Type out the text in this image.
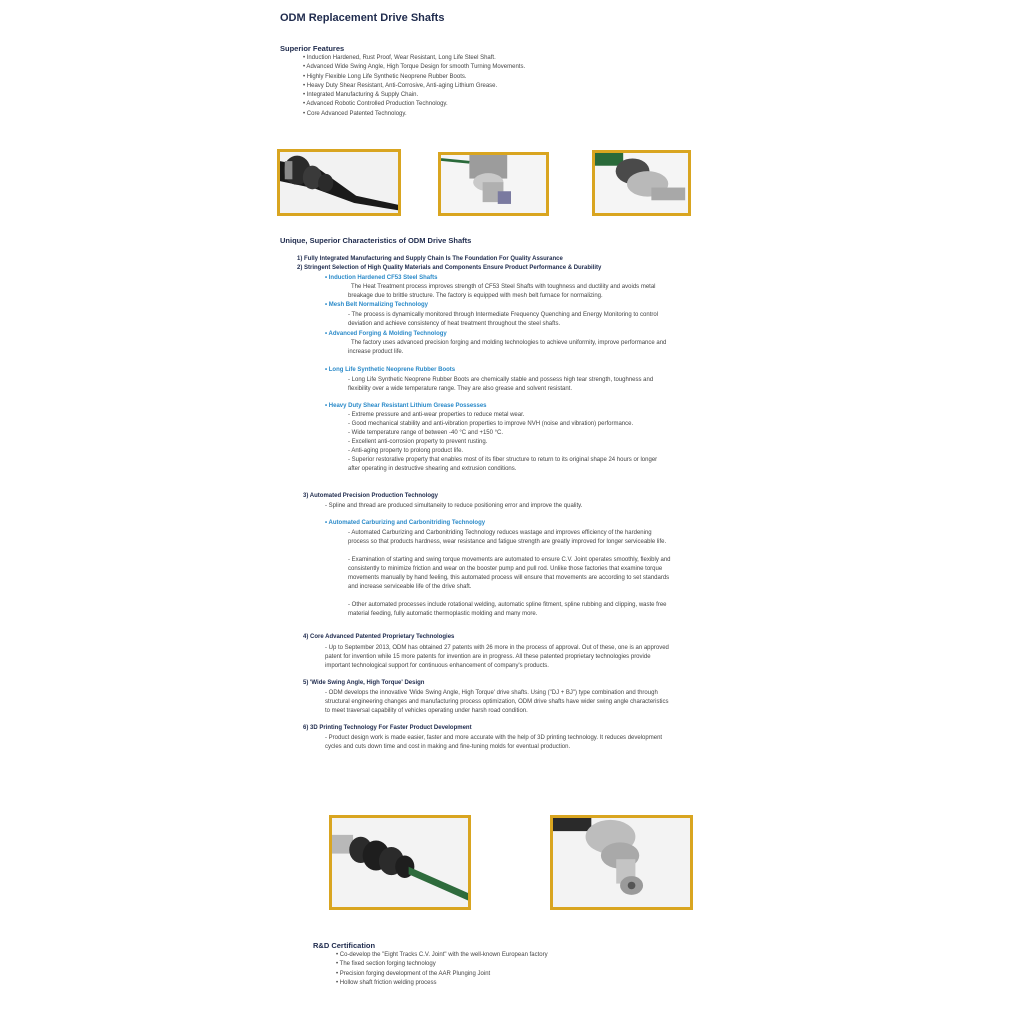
ODM Replacement Drive Shafts
Superior Features
• Induction Hardened, Rust Proof, Wear Resistant, Long Life Steel Shaft.
• Advanced Wide Swing Angle, High Torque Design for smooth Turning Movements.
• Highly Flexible Long Life Synthetic Neoprene Rubber Boots.
• Heavy Duty Shear Resistant, Anti-Corrosive, Anti-aging Lithium Grease.
• Integrated Manufacturing & Supply Chain.
• Advanced Robotic Controlled Production Technology.
• Core Advanced Patented Technology.
Unique, Superior Characteristics of ODM Drive Shafts
1) Fully Integrated Manufacturing and Supply Chain Is The Foundation For Quality Assurance
2) Stringent Selection of High Quality Materials and Components Ensure Product Performance & Durability
• Induction Hardened CF53 Steel Shafts
The Heat Treatment process improves strength of CF53 Steel Shafts with toughness and ductility and avoids metal
breakage due to brittle structure. The factory is equipped with mesh belt furnace for normalizing.
• Mesh Belt Normalizing Technology
- The process is dynamically monitored through Intermediate Frequency Quenching and Energy Monitoring to control
deviation and achieve consistency of heat treatment throughout the steel shafts.
• Advanced Forging & Molding Technology
The factory uses advanced precision forging and molding technologies to achieve uniformity, improve performance and
increase product life.
• Long Life Synthetic Neoprene Rubber Boots
- Long Life Synthetic Neoprene Rubber Boots are chemically stable and possess high tear strength, toughness and
flexibility over a wide temperature range. They are also grease and solvent resistant.
• Heavy Duty Shear Resistant Lithium Grease Possesses
- Extreme pressure and anti-wear properties to reduce metal wear.
- Good mechanical stability and anti-vibration properties to improve NVH (noise and vibration) performance.
- Wide temperature range of between -40 °C and +150 °C.
- Excellent anti-corrosion property to prevent rusting.
- Anti-aging property to prolong product life.
- Superior restorative property that enables most of its fiber structure to return to its original shape 24 hours or longer
after operating in destructive shearing and extrusion conditions.
3) Automated Precision Production Technology
- Spline and thread are produced simultaneity to reduce positioning error and improve the quality.
• Automated Carburizing and Carbonitriding Technology
- Automated Carburizing and Carbonitriding Technology reduces wastage and improves efficiency of the hardening
process so that products hardness, wear resistance and fatigue strength are greatly improved for longer serviceable life.
- Examination of starting and swing torque movements are automated to ensure C.V. Joint operates smoothly, flexibly and
consistently to minimize friction and wear on the booster pump and pull rod. Unlike those factories that examine torque
movements manually by hand feeling, this automated process will ensure that movements are according to set standards
and increase serviceable life of the drive shaft.
- Other automated processes include rotational welding, automatic spline fitment, spline rubbing and clipping, waste free
material feeding, fully automatic thermoplastic molding and many more.
4) Core Advanced Patented Proprietary Technologies
- Up to September 2013, ODM has obtained 27 patents with 26 more in the process of approval. Out of these, one is an approved
patent for invention while 15 more patents for invention are in progress. All these patented proprietary technologies provide
important technological support for continuous enhancement of company's products.
5) 'Wide Swing Angle, High Torque' Design
- ODM develops the innovative 'Wide Swing Angle, High Torque' drive shafts. Using ("DJ + BJ") type combination and through
structural engineering changes and manufacturing process optimization, ODM drive shafts have wider swing angle characteristics
to meet traversal capability of vehicles operating under harsh road condition.
6) 3D Printing Technology For Faster Product Development
- Product design work is made easier, faster and more accurate with the help of 3D printing technology. It reduces development
cycles and cuts down time and cost in making and fine-tuning molds for eventual production.
R&D Certification
• Co-develop the "Eight Tracks C.V. Joint" with the well-known European factory
• The fixed section forging technology
• Precision forging development of the AAR Plunging Joint
• Hollow shaft friction welding process
